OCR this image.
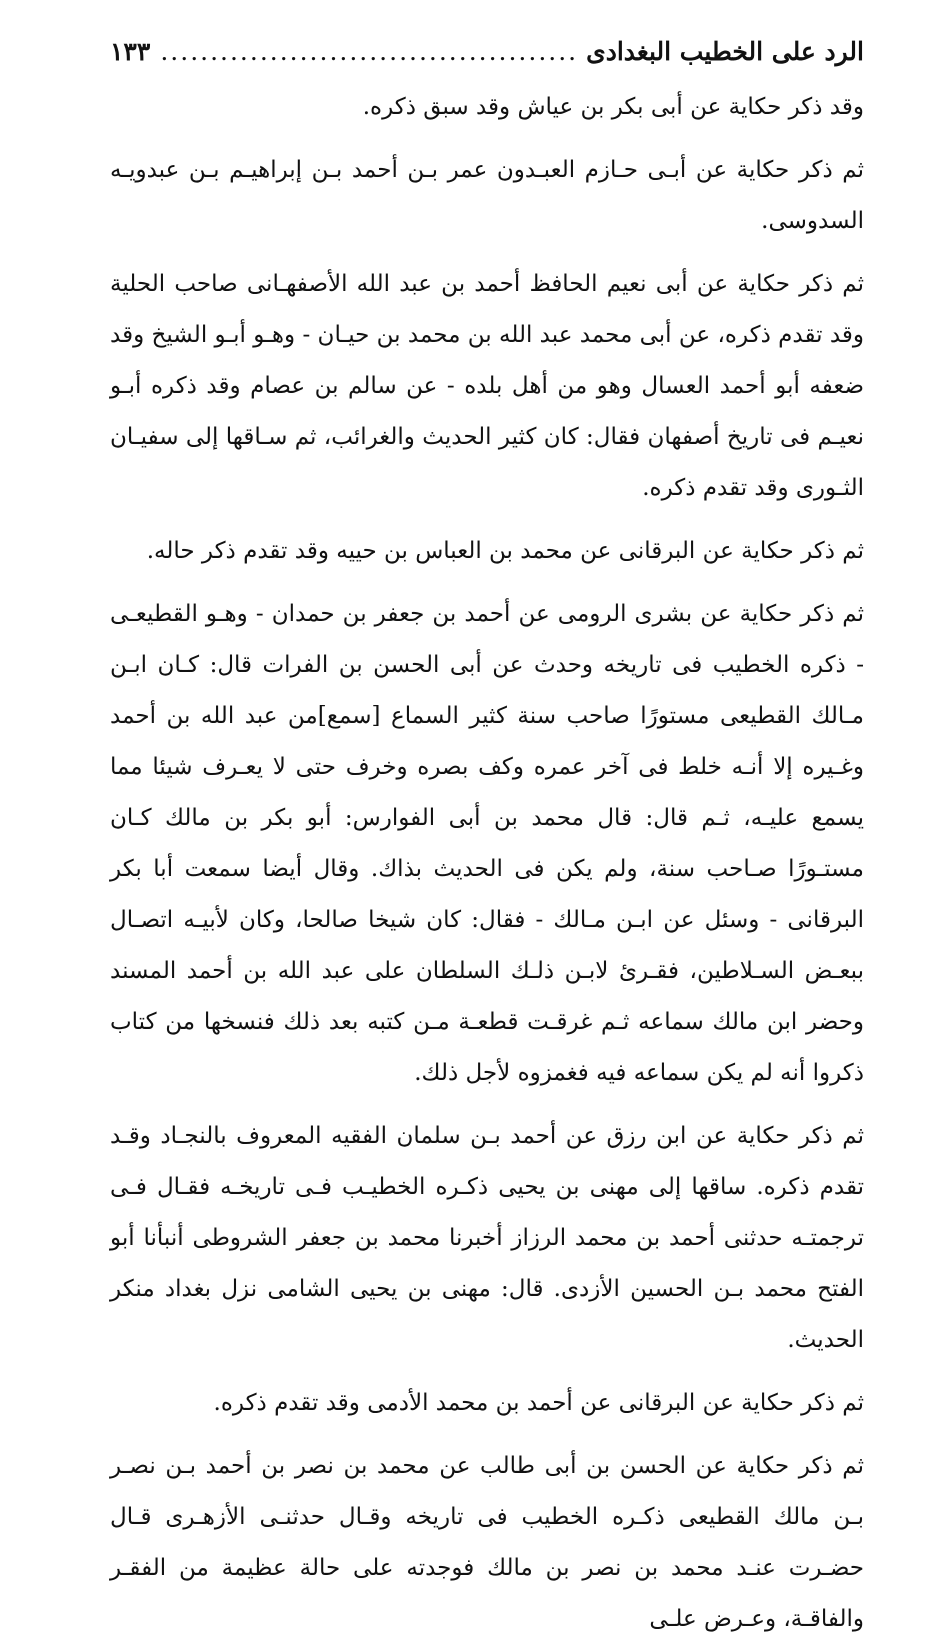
الرد على الخطيب البغدادى
.....
١٣٣

وقد ذكر حكاية عن أبى بكر بن عياش وقد سبق ذكره.

ثم ذكر حكاية عن أبـى حـازم العبـدون عمر بـن أحمد بـن إبراهيـم بـن عبدويـه السدوسى.

ثم ذكر حكاية عن أبى نعيم الحافظ أحمد بن عبد الله الأصفهـانى صاحب الحلية وقد تقدم ذكره، عن أبى محمد عبد الله بن محمد بن حيـان - وهـو أبـو الشيخ وقد ضعفه أبو أحمد العسال وهو من أهل بلده - عن سالم بن عصام وقد ذكره أبـو نعيـم فى تاريخ أصفهان فقال: كان كثير الحديث والغرائب، ثم سـاقها إلى سفيـان الثـورى وقد تقدم ذكره.

ثم ذكر حكاية عن البرقانى عن محمد بن العباس بن حييه وقد تقدم ذكر حاله.

ثم ذكر حكاية عن بشرى الرومى عن أحمد بن جعفر بن حمدان - وهـو القطيعـى - ذكره الخطيب فى تاريخه وحدث عن أبى الحسن بن الفرات قال: كـان ابـن مـالك القطيعى مستورًا صاحب سنة كثير السماع [سمع]من عبد الله بن أحمد وغـيره إلا أنـه خلط فى آخر عمره وكف بصره وخرف حتى لا يعـرف شيئا مما يسمع عليـه، ثـم قال: قال محمد بن أبى الفوارس: أبو بكر بن مالك كـان مستـورًا صـاحب سنة، ولم يكن فى الحديث بذاك. وقال أيضا سمعت أبا بكر البرقانى - وسئل عن ابـن مـالك - فقال: كان شيخا صالحا، وكان لأبيـه اتصـال ببعـض السـلاطين، فقـرئ لابـن ذلـك السلطان على عبد الله بن أحمد المسند وحضر ابن مالك سماعه ثـم غرقـت قطعـة مـن كتبه بعد ذلك فنسخها من كتاب ذكروا أنه لم يكن سماعه فيه فغمزوه لأجل ذلك.

ثم ذكر حكاية عن ابن رزق عن أحمد بـن سلمان الفقيه المعروف بالنجـاد وقـد تقدم ذكره. ساقها إلى مهنى بن يحيى ذكـره الخطيـب فـى تاريخـه فقـال فـى ترجمتـه حدثنى أحمد بن محمد الرزاز أخبرنا محمد بن جعفر الشروطى أنبأنا أبو الفتح محمد بـن الحسين الأزدى. قال: مهنى بن يحيى الشامى نزل بغداد منكر الحديث.

ثم ذكر حكاية عن البرقانى عن أحمد بن محمد الأدمى وقد تقدم ذكره.

ثم ذكر حكاية عن الحسن بن أبى طالب عن محمد بن نصر بن أحمد بـن نصـر بـن مالك القطيعى ذكـره الخطيب فى تاريخه وقـال حدثنـى الأزهـرى قـال حضـرت عنـد محمد بن نصر بن مالك فوجدته على حالة عظيمة من الفقـر والفاقـة، وعـرض علـى
